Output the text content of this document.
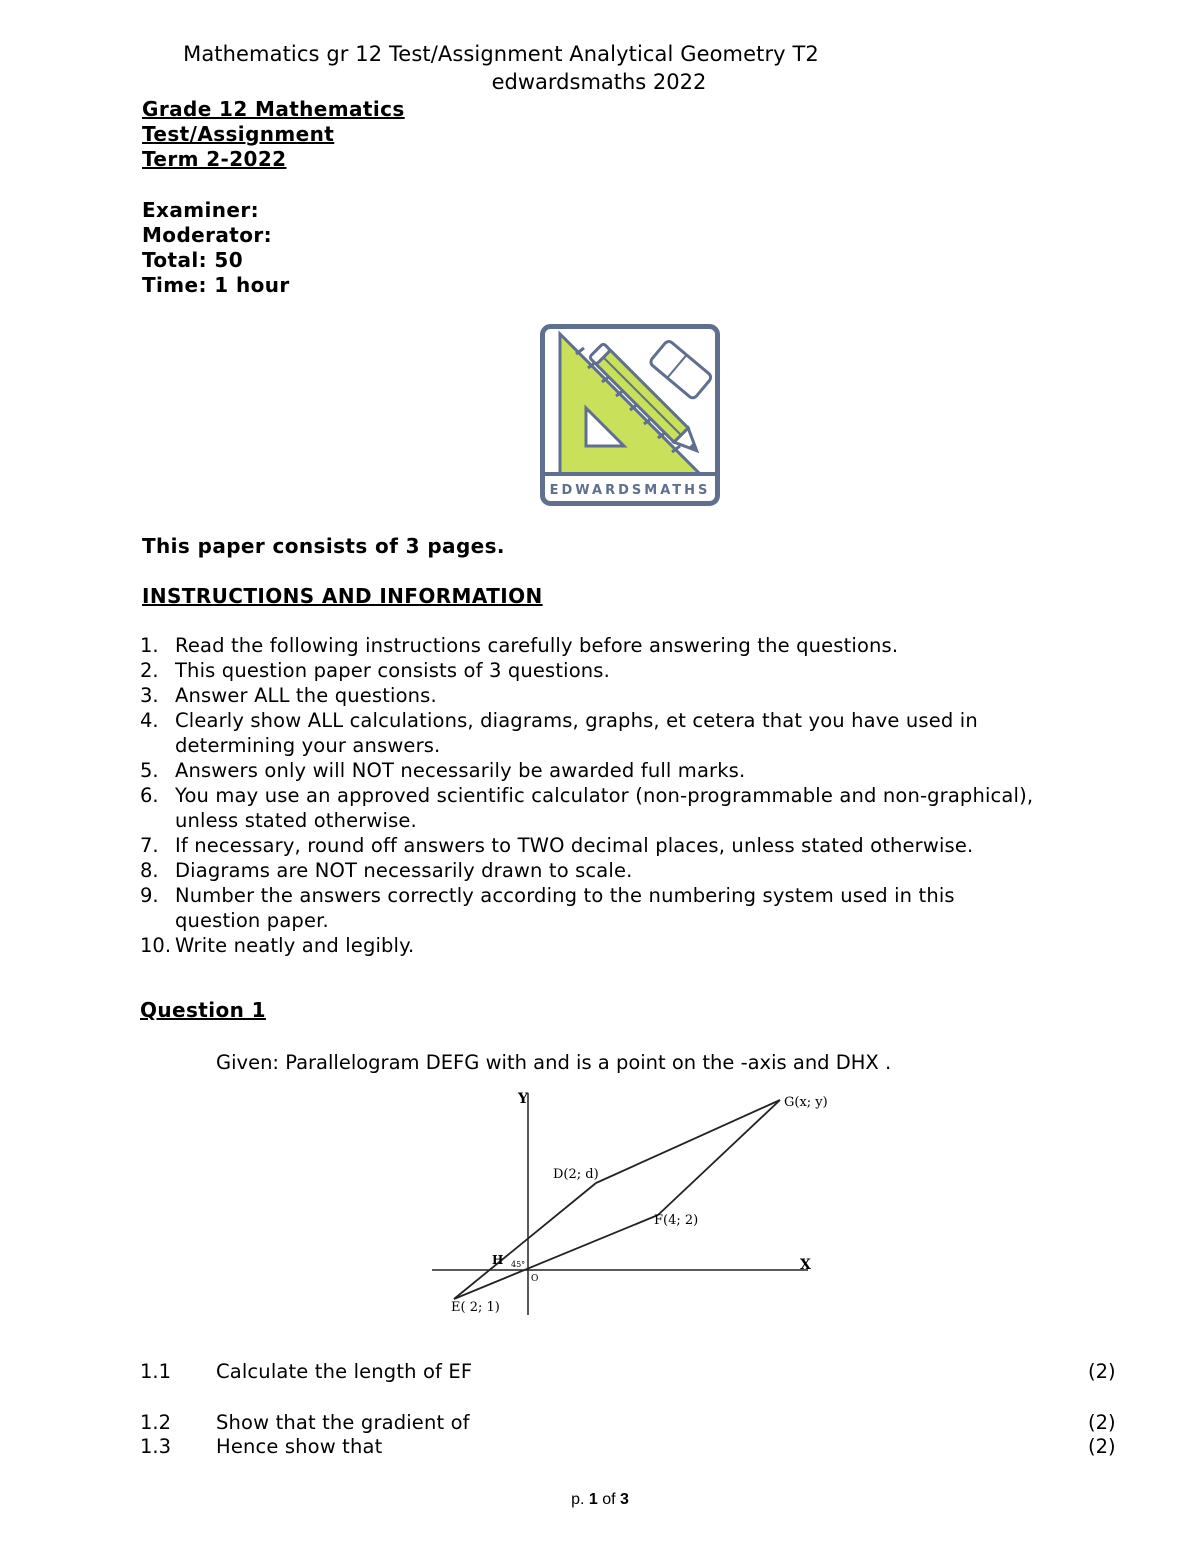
Mathematics gr 12 Test/Assignment Analytical Geometry T2
edwardsmaths 2022
Grade 12 Mathematics
Test/Assignment
Term 2-2022
Examiner:
Moderator:
Total: 50
Time: 1 hour
EDWARDSMATHS
This paper consists of 3 pages.
INSTRUCTIONS AND INFORMATION
1. Read the following instructions carefully before answering the questions.
2. This question paper consists of 3 questions.
3. Answer ALL the questions.
4. Clearly show ALL calculations, diagrams, graphs, et cetera that you have used in
determining your answers.
5. Answers only will NOT necessarily be awarded full marks.
6. You may use an approved scientific calculator (non-programmable and non-graphical),
unless stated otherwise.
7. If necessary, round off answers to TWO decimal places, unless stated otherwise.
8. Diagrams are NOT necessarily drawn to scale.
9. Number the answers correctly according to the numbering system used in this
question paper.
10. Write neatly and legibly.
Question 1
Given: Parallelogram DEFG with and is a point on the -axis and DHX .
Y
X
O
G(x; y)
D(2; d)
F(4; 2)
H 45°
E( 2; 1)
1.1 Calculate the length of EF	(2)
1.2 Show that the gradient of	(2)
1.3 Hence show that	(2)
p. 1 of 3
